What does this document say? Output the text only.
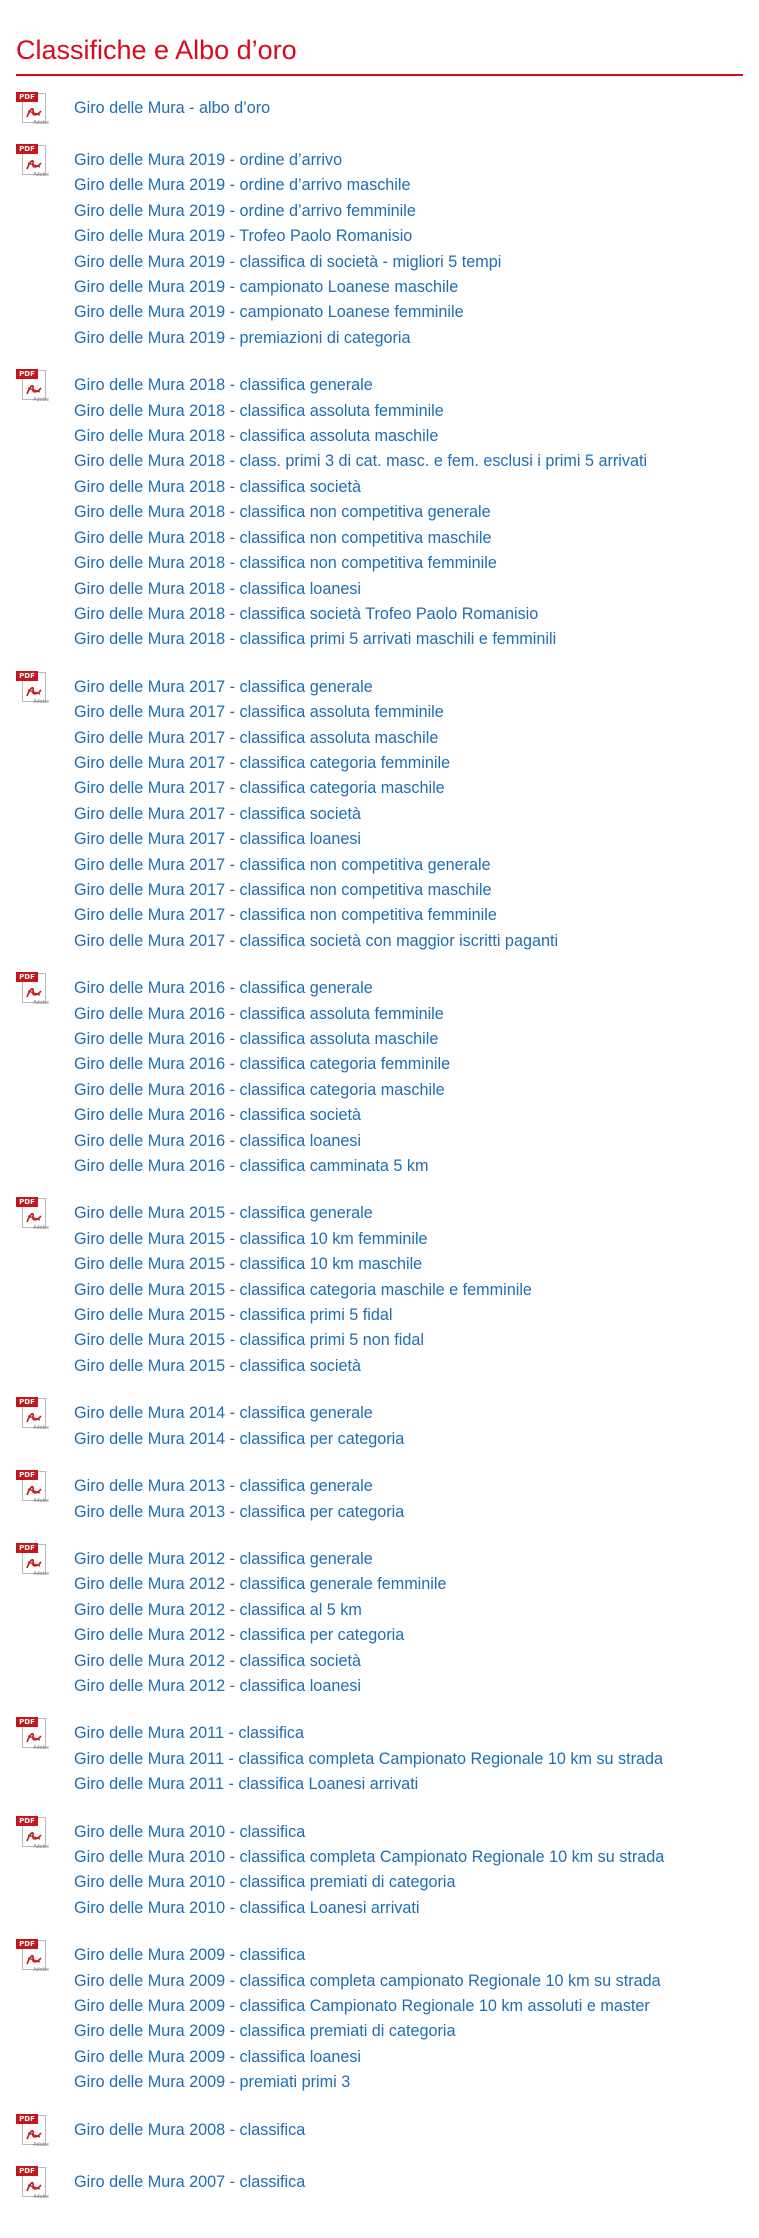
Classifiche e Albo d’oro
PDF
Adobe
Giro delle Mura - albo d’oro
PDF
Adobe
Giro delle Mura 2019 - ordine d’arrivo
Giro delle Mura 2019 - ordine d’arrivo maschile
Giro delle Mura 2019 - ordine d’arrivo femminile
Giro delle Mura 2019 - Trofeo Paolo Romanisio
Giro delle Mura 2019 - classifica di società - migliori 5 tempi
Giro delle Mura 2019 - campionato Loanese maschile
Giro delle Mura 2019 - campionato Loanese femminile
Giro delle Mura 2019 - premiazioni di categoria
PDF
Adobe
Giro delle Mura 2018 - classifica generale
Giro delle Mura 2018 - classifica assoluta femminile
Giro delle Mura 2018 - classifica assoluta maschile
Giro delle Mura 2018 - class. primi 3 di cat. masc. e fem. esclusi i primi 5 arrivati
Giro delle Mura 2018 - classifica società
Giro delle Mura 2018 - classifica non competitiva generale
Giro delle Mura 2018 - classifica non competitiva maschile
Giro delle Mura 2018 - classifica non competitiva femminile
Giro delle Mura 2018 - classifica loanesi
Giro delle Mura 2018 - classifica società Trofeo Paolo Romanisio
Giro delle Mura 2018 - classifica primi 5 arrivati maschili e femminili
PDF
Adobe
Giro delle Mura 2017 - classifica generale
Giro delle Mura 2017 - classifica assoluta femminile
Giro delle Mura 2017 - classifica assoluta maschile
Giro delle Mura 2017 - classifica categoria femminile
Giro delle Mura 2017 - classifica categoria maschile
Giro delle Mura 2017 - classifica società
Giro delle Mura 2017 - classifica loanesi
Giro delle Mura 2017 - classifica non competitiva generale
Giro delle Mura 2017 - classifica non competitiva maschile
Giro delle Mura 2017 - classifica non competitiva femminile
Giro delle Mura 2017 - classifica società con maggior iscritti paganti
PDF
Adobe
Giro delle Mura 2016 - classifica generale
Giro delle Mura 2016 - classifica assoluta femminile
Giro delle Mura 2016 - classifica assoluta maschile
Giro delle Mura 2016 - classifica categoria femminile
Giro delle Mura 2016 - classifica categoria maschile
Giro delle Mura 2016 - classifica società
Giro delle Mura 2016 - classifica loanesi
Giro delle Mura 2016 - classifica camminata 5 km
PDF
Adobe
Giro delle Mura 2015 - classifica generale
Giro delle Mura 2015 - classifica 10 km femminile
Giro delle Mura 2015 - classifica 10 km maschile
Giro delle Mura 2015 - classifica categoria maschile e femminile
Giro delle Mura 2015 - classifica primi 5 fidal
Giro delle Mura 2015 - classifica primi 5 non fidal
Giro delle Mura 2015 - classifica società
PDF
Adobe
Giro delle Mura 2014 - classifica generale
Giro delle Mura 2014 - classifica per categoria
PDF
Adobe
Giro delle Mura 2013 - classifica generale
Giro delle Mura 2013 - classifica per categoria
PDF
Adobe
Giro delle Mura 2012 - classifica generale
Giro delle Mura 2012 - classifica generale femminile
Giro delle Mura 2012 - classifica al 5 km
Giro delle Mura 2012 - classifica per categoria
Giro delle Mura 2012 - classifica società
Giro delle Mura 2012 - classifica loanesi
PDF
Adobe
Giro delle Mura 2011 - classifica
Giro delle Mura 2011 - classifica completa Campionato Regionale 10 km su strada
Giro delle Mura 2011 - classifica Loanesi arrivati
PDF
Adobe
Giro delle Mura 2010 - classifica
Giro delle Mura 2010 - classifica completa Campionato Regionale 10 km su strada
Giro delle Mura 2010 - classifica premiati di categoria
Giro delle Mura 2010 - classifica Loanesi arrivati
PDF
Adobe
Giro delle Mura 2009 - classifica
Giro delle Mura 2009 - classifica completa campionato Regionale 10 km su strada
Giro delle Mura 2009 - classifica Campionato Regionale 10 km assoluti e master
Giro delle Mura 2009 - classifica premiati di categoria
Giro delle Mura 2009 - classifica loanesi
Giro delle Mura 2009 - premiati primi 3
PDF
Adobe
Giro delle Mura 2008 - classifica
PDF
Adobe
Giro delle Mura 2007 - classifica
